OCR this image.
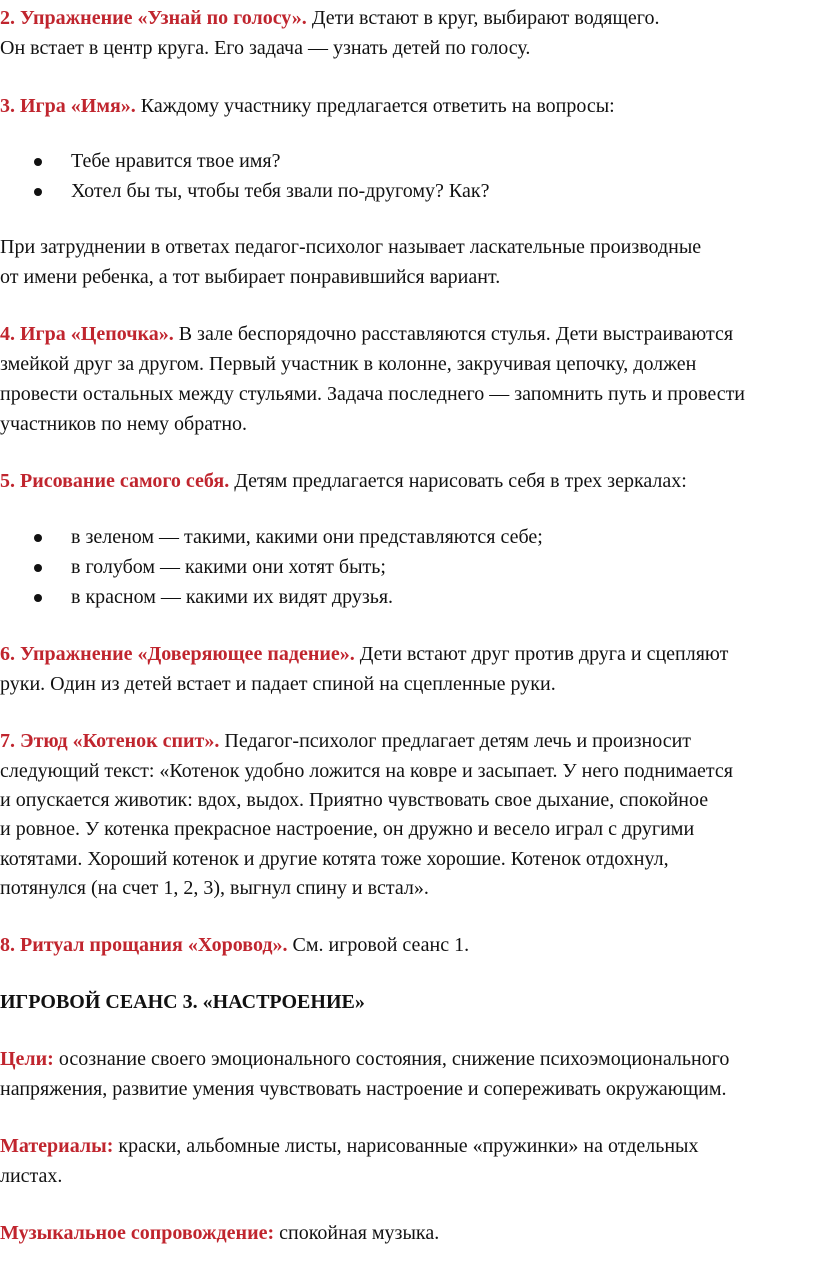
2. Упражнение «Узнай по голосу». Дети встают в круг, выбирают водящего.
Он встает в центр круга. Его задача — узнать детей по голосу.
3. Игра «Имя». Каждому участнику предлагается ответить на вопросы:
Тебе нравится твое имя?
Хотел бы ты, чтобы тебя звали по-другому? Как?
При затруднении в ответах педагог-психолог называет ласкательные производные
от имени ребенка, а тот выбирает понравившийся вариант.
4. Игра «Цепочка». В зале беспорядочно расставляются стулья. Дети выстраиваются
змейкой друг за другом. Первый участник в колонне, закручивая цепочку, должен
провести остальных между стульями. Задача последнего — запомнить путь и провести
участников по нему обратно.
5. Рисование самого себя. Детям предлагается нарисовать себя в трех зеркалах:
в зеленом — такими, какими они представляются себе;
в голубом — какими они хотят быть;
в красном — какими их видят друзья.
6. Упражнение «Доверяющее падение». Дети встают друг против друга и сцепляют
руки. Один из детей встает и падает спиной на сцепленные руки.
7. Этюд «Котенок спит». Педагог-психолог предлагает детям лечь и произносит
следующий текст: «Котенок удобно ложится на ковре и засыпает. У него поднимается
и опускается животик: вдох, выдох. Приятно чувствовать свое дыхание, спокойное
и ровное. У котенка прекрасное настроение, он дружно и весело играл с другими
котятами. Хороший котенок и другие котята тоже хорошие. Котенок отдохнул,
потянулся (на счет 1, 2, 3), выгнул спину и встал».
8. Ритуал прощания «Хоровод». См. игровой сеанс 1.
ИГРОВОЙ СЕАНС 3. «НАСТРОЕНИЕ»
Цели: осознание своего эмоционального состояния, снижение психоэмоционального
напряжения, развитие умения чувствовать настроение и сопереживать окружающим.
Материалы: краски, альбомные листы, нарисованные «пружинки» на отдельных
листах.
Музыкальное сопровождение: спокойная музыка.
